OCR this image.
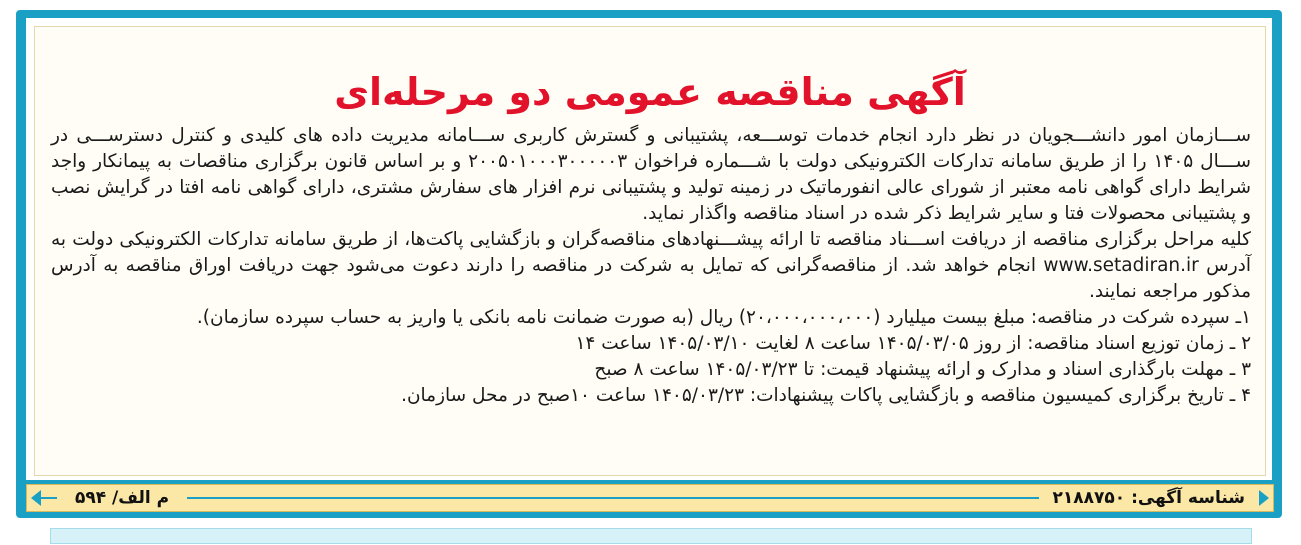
آگهی مناقصه عمومی دو مرحله‌ای

ســـازمان امور دانشـــجویان در نظر دارد انجام خدمات توســـعه، پشتیبانی و گسترش کاربری ســـامانه مدیریت داده های کلیدی و کنترل دسترســـی در ســـال ۱۴۰۵ را از طریق سامانه تدارکات الکترونیکی دولت با شـــماره فراخوان ۲۰۰۵۰۱۰۰۰۳۰۰۰۰۰۳ و بر اساس قانون برگزاری مناقصات به پیمانکار واجد شرایط دارای گواهی نامه معتبر از شورای عالی انفورماتیک در زمینه تولید و پشتیبانی نرم افزار های سفارش مشتری، دارای گواهی نامه افتا در گرایش نصب و پشتیبانی محصولات فتا و سایر شرایط ذکر شده در اسناد مناقصه واگذار نماید.

کلیه مراحل برگزاری مناقصه از دریافت اســـناد مناقصه تا ارائه پیشـــنهادهای مناقصه‌گران و بازگشایی پاکت‌ها، از طریق سامانه تدارکات الکترونیکی دولت به آدرس www.setadiran.ir انجام خواهد شد. از مناقصه‌گرانی که تمایل به شرکت در مناقصه را دارند دعوت می‌شود جهت دریافت اوراق مناقصه به آدرس مذکور مراجعه نمایند.

۱ـ سپرده شرکت در مناقصه: مبلغ بیست میلیارد (۲۰،۰۰۰،۰۰۰،۰۰۰) ریال (به صورت ضمانت نامه بانکی یا واریز به حساب سپرده سازمان).
۲ ـ زمان توزیع اسناد مناقصه: از روز ۱۴۰۵/۰۳/۰۵ ساعت ۸ لغایت ۱۴۰۵/۰۳/۱۰ ساعت ۱۴
۳ ـ مهلت بارگذاری اسناد و مدارک و ارائه پیشنهاد قیمت: تا ۱۴۰۵/۰۳/۲۳ ساعت ۸ صبح
۴ ـ تاریخ برگزاری کمیسیون مناقصه و بازگشایی پاکات پیشنهادات: ۱۴۰۵/۰۳/۲۳ ساعت ۱۰صبح در محل سازمان.
م الف/ ۵۹۴	شناسه آگهی: ۲۱۸۸۷۵۰
